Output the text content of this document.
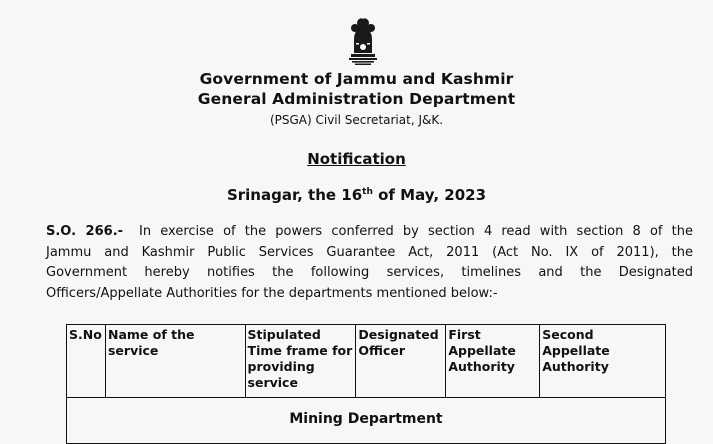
Government of Jammu and Kashmir
General Administration Department
(PSGA) Civil Secretariat, J&K.
Notification
Srinagar, the 16th of May, 2023
S.O. 266.- In exercise of the powers conferred by section 4 read with section 8 of the
Jammu and Kashmir Public Services Guarantee Act, 2011 (Act No. IX of 2011), the
Government hereby notifies the following services, timelines and the Designated
Officers/Appellate Authorities for the departments mentioned below:-
S.No	Name of the service	Stipulated Time frame for providing service	Designated Officer	First Appellate Authority	Second Appellate Authority
Mining Department
